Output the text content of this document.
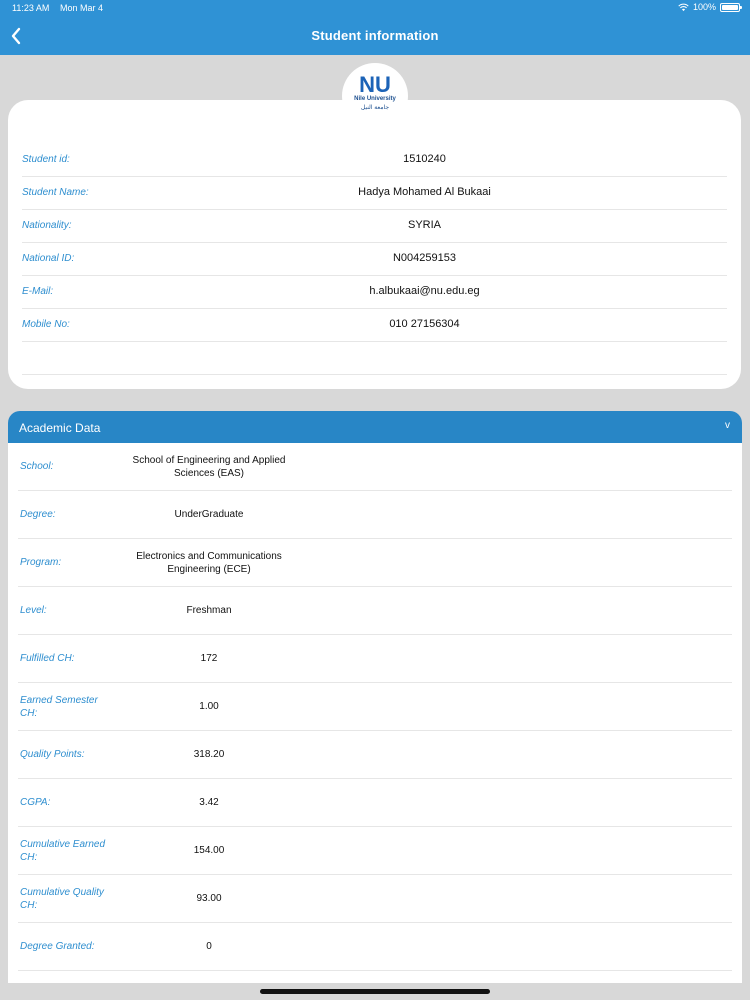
11:23 AM Mon Mar 4	100%
Student information
NU
Nile University
جامعة النيل
Student id:	1510240
Student Name:	Hadya Mohamed Al Bukaai
Nationality:	SYRIA
National ID:	N004259153
E-Mail:	h.albukaai@nu.edu.eg
Mobile No:	010 27156304
Academic Data	v
School:
School of Engineering and Applied Sciences (EAS)
Degree:	UnderGraduate
Program:
Electronics and Communications Engineering (ECE)
Level:	Freshman
Fulfilled CH:	172
Earned Semester CH:
1.00
Quality Points:	318.20
CGPA:	3.42
Cumulative Earned CH:
154.00
Cumulative Quality CH:
93.00
Degree Granted:	0
